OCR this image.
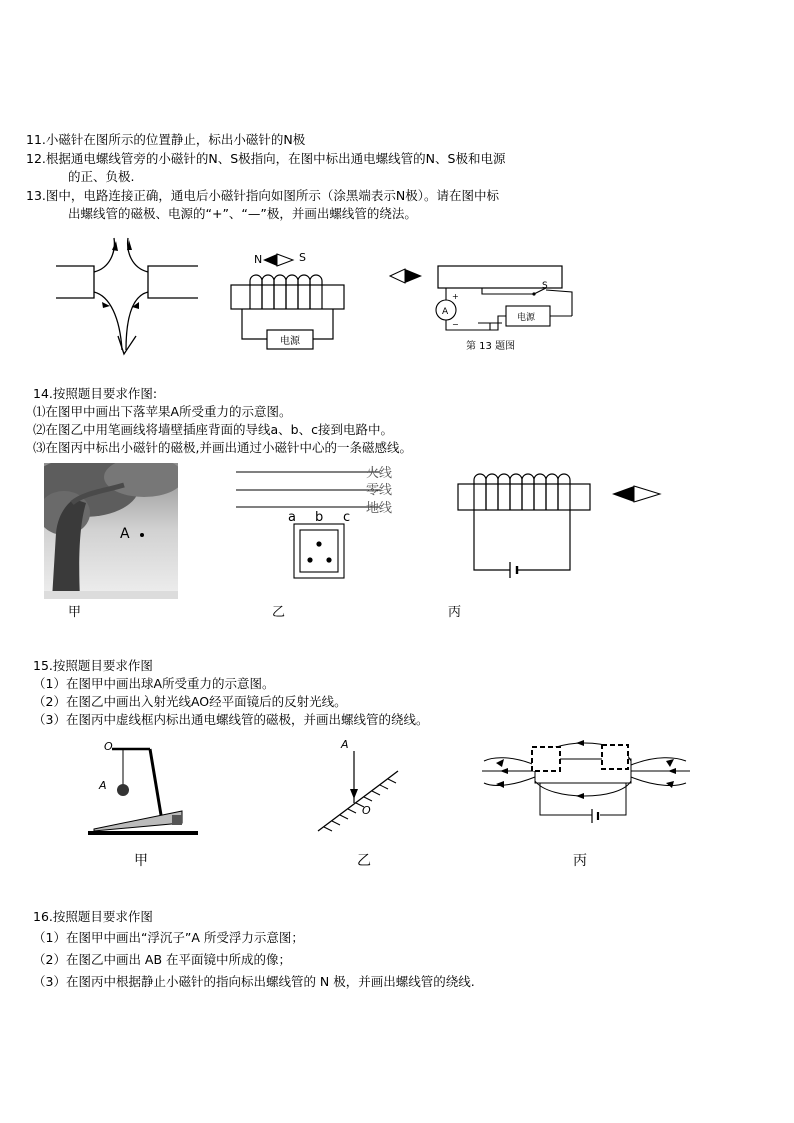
11.小磁针在图所示的位置静止，标出小磁针的N极
12.根据通电螺线管旁的小磁针的N、S极指向，在图中标出通电螺线管的N、S极和电源
的正、负极.
13.图中，电路连接正确，通电后小磁针指向如图所示（涂黑端表示N极）。请在图中标
出螺线管的磁极、电源的“+”、“—”极，并画出螺线管的绕法。
N	S
电源
A
+
−
S
电源
第 13 题图
14.按照题目要求作图:
⑴在图甲中画出下落苹果A所受重力的示意图。
⑵在图乙中用笔画线将墙壁插座背面的导线a、b、c接到电路中。
⑶在图丙中标出小磁针的磁极,并画出通过小磁针中心的一条磁感线。
A
火线
零线
地线
a b c
甲	乙	丙
15.按照题目要求作图
（1）在图甲中画出球A所受重力的示意图。
（2）在图乙中画出入射光线AO经平面镜后的反射光线。
（3）在图丙中虚线框内标出通电螺线管的磁极，并画出螺线管的绕线。
O
A
A
O
甲	乙	丙
16.按照题目要求作图
（1）在图甲中画出“浮沉子”A 所受浮力示意图；
（2）在图乙中画出 AB 在平面镜中所成的像；
（3）在图丙中根据静止小磁针的指向标出螺线管的 N 极，并画出螺线管的绕线.
